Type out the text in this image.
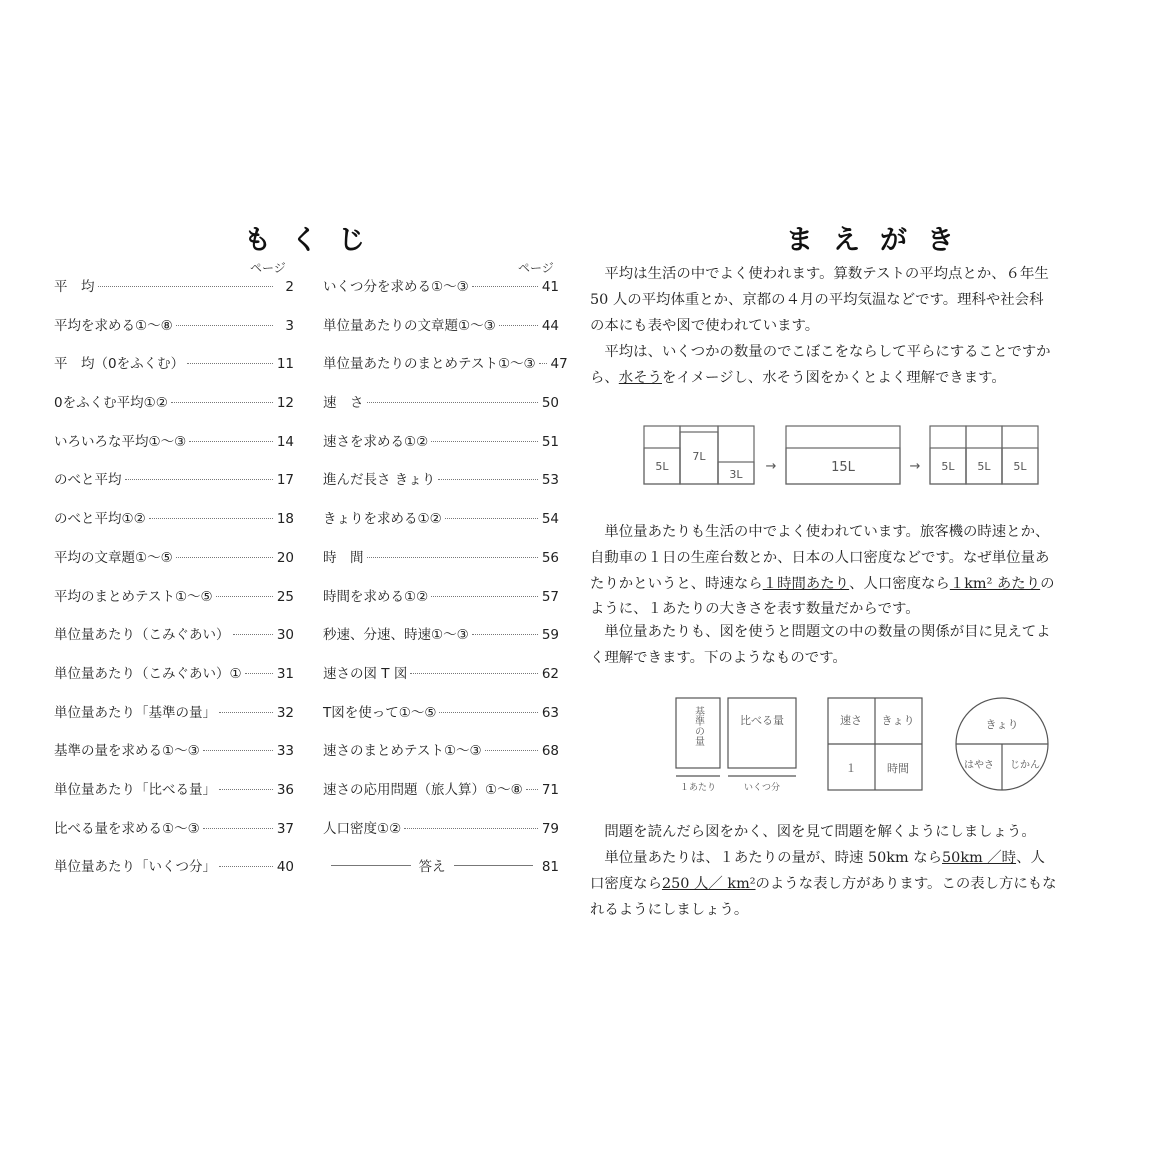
もくじ
ページ	ページ
平　均	2
平均を求める①～⑧	3
平　均（0をふくむ）	11
0をふくむ平均①②	12
いろいろな平均①～③	14
のべと平均	17
のべと平均①②	18
平均の文章題①～⑤	20
平均のまとめテスト①～⑤	25
単位量あたり（こみぐあい）	30
単位量あたり（こみぐあい）①	31
単位量あたり「基準の量」	32
基準の量を求める①～③	33
単位量あたり「比べる量」	36
比べる量を求める①～③	37
単位量あたり「いくつ分」	40
いくつ分を求める①～③	41
単位量あたりの文章題①～③	44
単位量あたりのまとめテスト①～③ 47
速　さ	50
速さを求める①②	51
進んだ長さ きょり	53
きょりを求める①②	54
時　間	56
時間を求める①②	57
秒速、分速、時速①～③	59
速さの図 T 図	62
T図を使って①～⑤	63
速さのまとめテスト①～③	68
速さの応用問題（旅人算）①～⑧ 71
人口密度①②	79
答え	81
まえがき

平均は生活の中でよく使われます。算数テストの平均点とか、６年生
50 人の平均体重とか、京都の４月の平均気温などです。理科や社会科
の本にも表や図で使われています。

平均は、いくつかの数量のでこぼこをならして平らにすることですか
ら、水そうをイメージし、水そう図をかくとよく理解できます。

5L
7L
3L
→	15L	→ 5L 5L 5L

単位量あたりも生活の中でよく使われています。旅客機の時速とか、
自動車の１日の生産台数とか、日本の人口密度などです。なぜ単位量あ
たりかというと、時速なら１時間あたり、人口密度なら１km² あたりの
ように、１あたりの大きさを表す数量だからです。

単位量あたりも、図を使うと問題文の中の数量の関係が目に見えてよ
く理解できます。下のようなものです。

基準の量	比べる量
１あたり	いくつ分
速さ きょり
１	時間
きょり
はやさ じかん

問題を読んだら図をかく、図を見て問題を解くようにしましょう。

単位量あたりは、１あたりの量が、時速 50km なら50km ／時、人
口密度なら250 人／ km²のような表し方があります。この表し方にもな
れるようにしましょう。
